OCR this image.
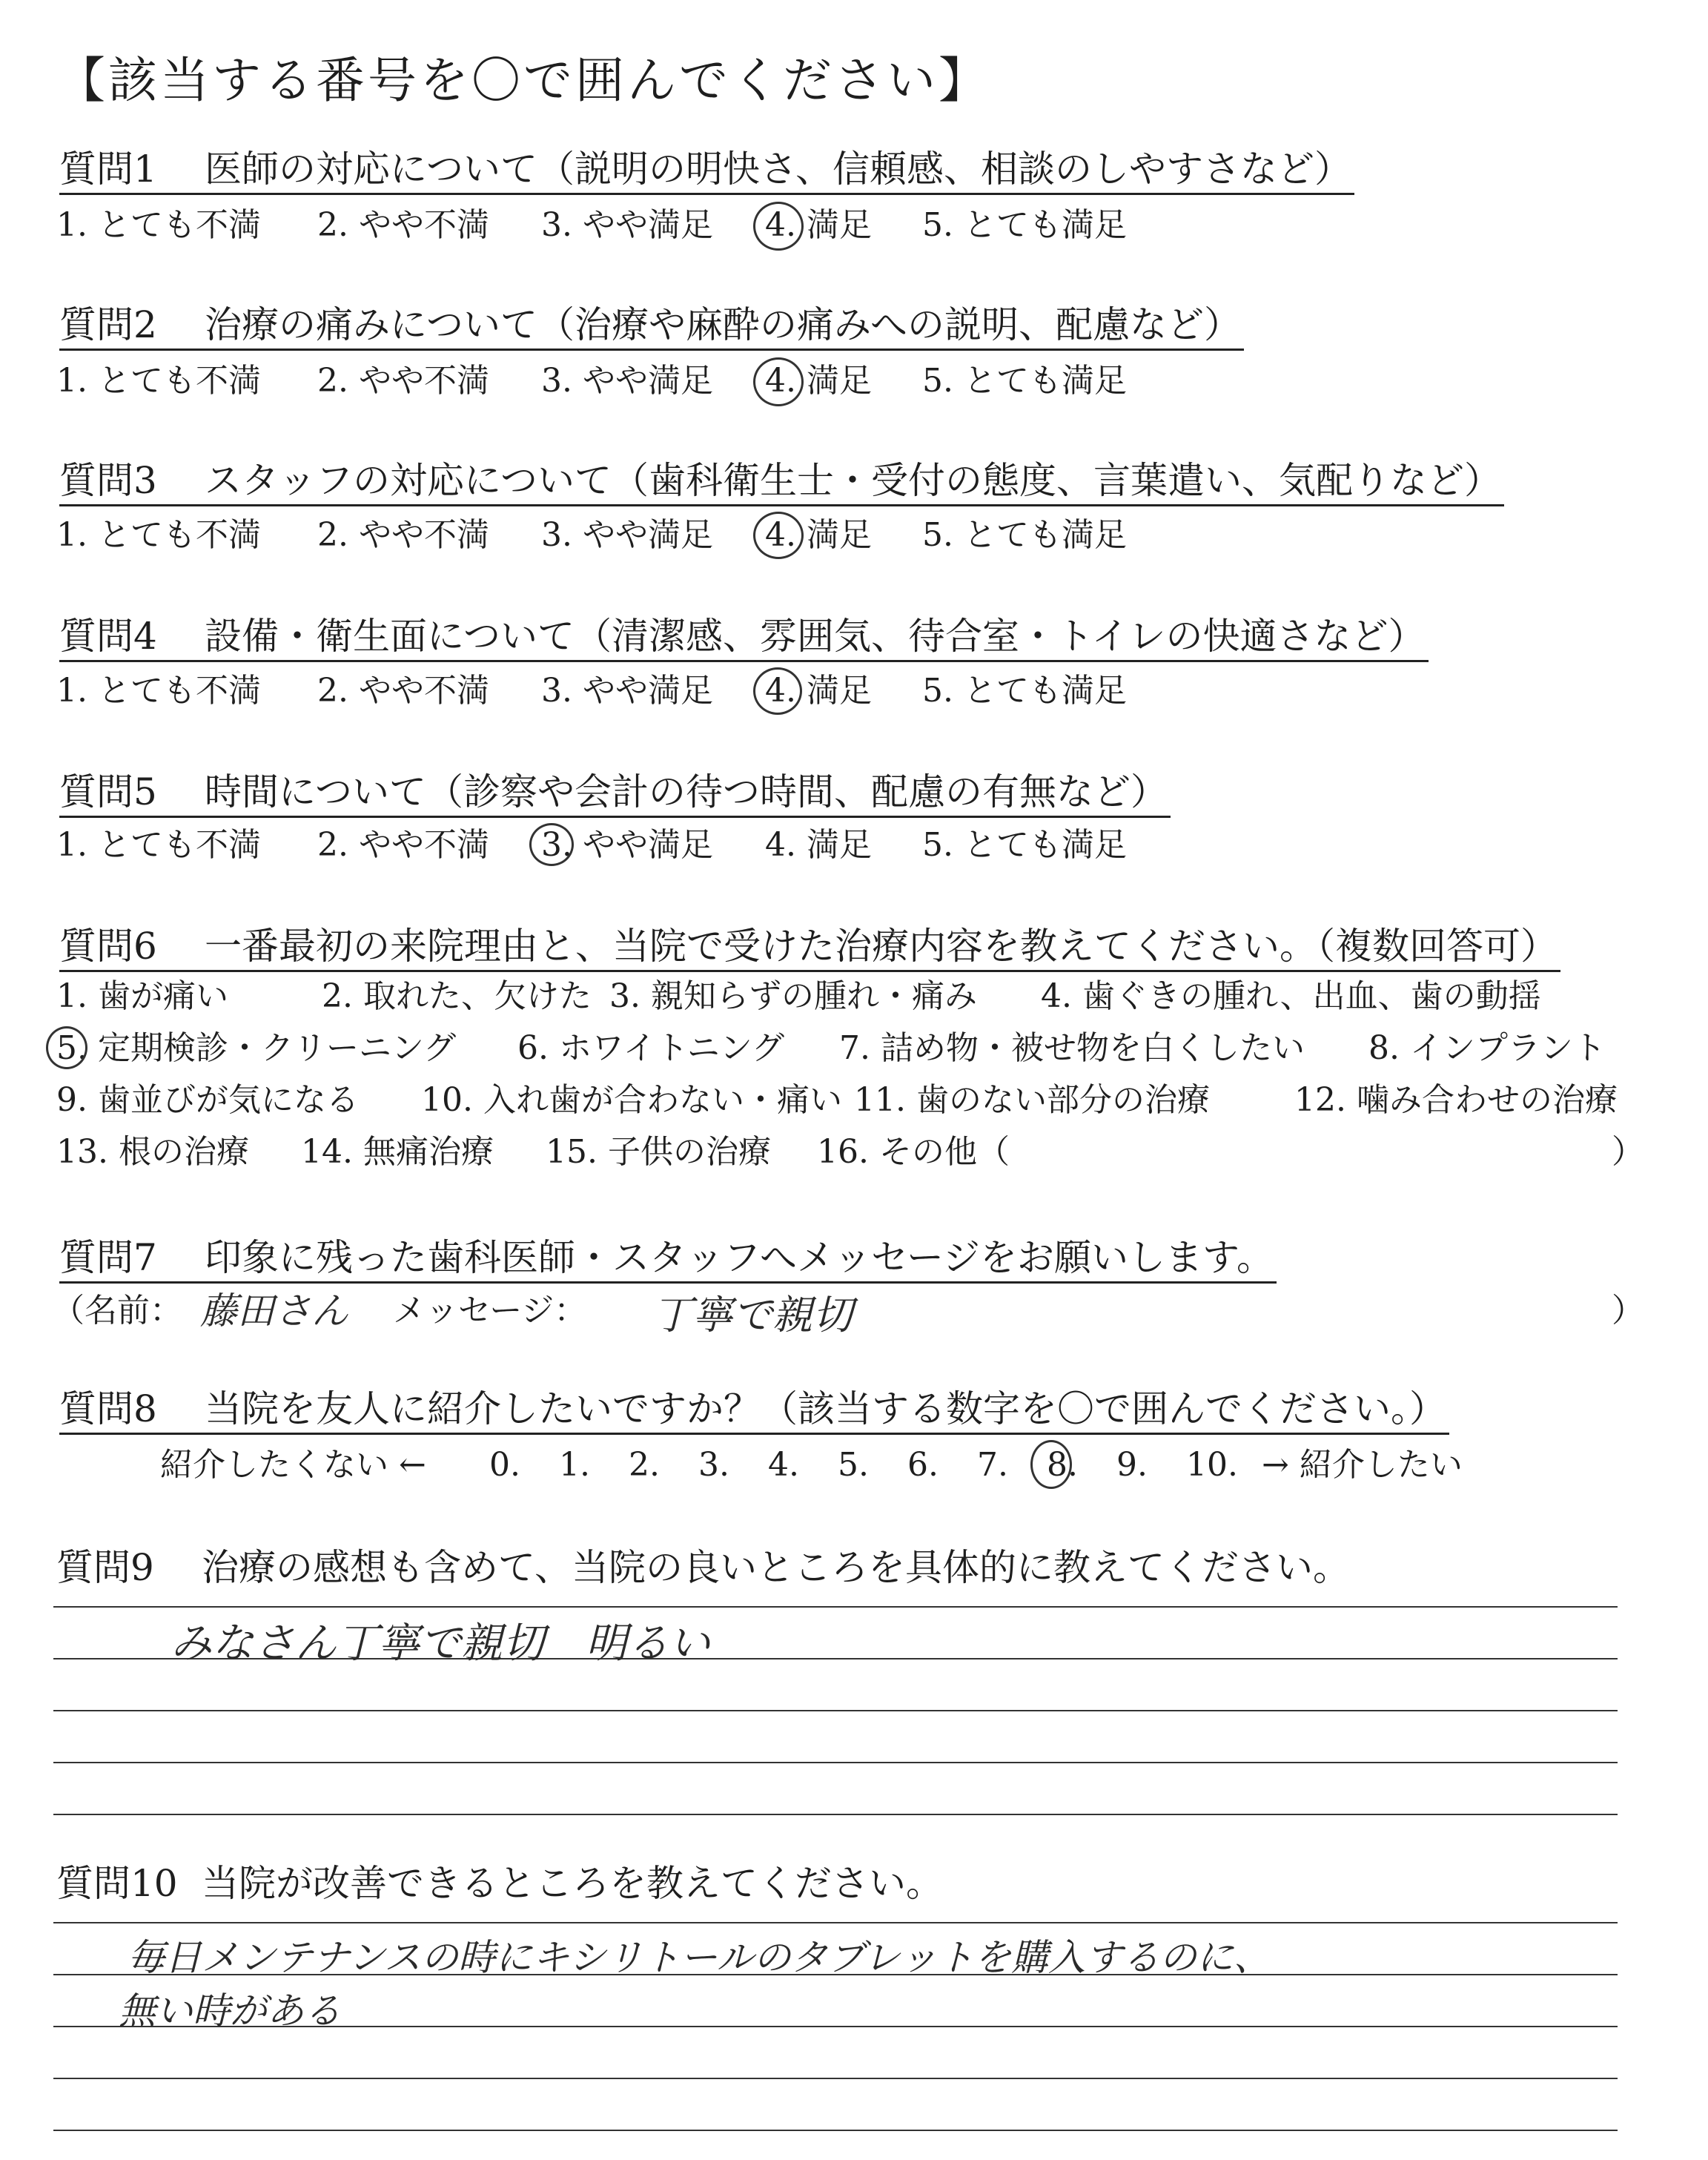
【該当する番号を〇で囲んでください】
質問1 医師の対応について（説明の明快さ、信頼感、相談のしやすさなど）
1. とても不満 2. やや不満 3. やや満足 4. 満足 5. とても満足
質問2 治療の痛みについて（治療や麻酔の痛みへの説明、配慮など）
1. とても不満 2. やや不満 3. やや満足 4. 満足 5. とても満足
質問3 スタッフの対応について（歯科衛生士・受付の態度、言葉遣い、気配りなど）
1. とても不満 2. やや不満 3. やや満足 4. 満足 5. とても満足
質問4 設備・衛生面について（清潔感、雰囲気、待合室・トイレの快適さなど）
1. とても不満 2. やや不満 3. やや満足 4. 満足 5. とても満足
質問5 時間について（診察や会計の待つ時間、配慮の有無など）
1. とても不満 2. やや不満 3. やや満足 4. 満足 5. とても満足
質問6 一番最初の来院理由と、当院で受けた治療内容を教えてください。（複数回答可）
1. 歯が痛い	2. 取れた、欠けた 3. 親知らずの腫れ・痛み 4. 歯ぐきの腫れ、出血、歯の動揺
5. 定期検診・クリーニング 6. ホワイトニング 7. 詰め物・被せ物を白くしたい 8. インプラント
9. 歯並びが気になる 10. 入れ歯が合わない・痛い 11. 歯のない部分の治療	12. 噛み合わせの治療
13. 根の治療 14. 無痛治療 15. 子供の治療 16. その他（	）
質問7 印象に残った歯科医師・スタッフへメッセージをお願いします。
（名前： 藤田さん メッセージ： 丁寧で親切	）
質問8 当院を友人に紹介したいですか？（該当する数字を〇で囲んでください。）
紹介したくない ← 0. 1. 2. 3. 4. 5. 6. 7. 8. 9. 10. → 紹介したい
質問9 治療の感想も含めて、当院の良いところを具体的に教えてください。
みなさん丁寧で親切　明るい
質問10 当院が改善できるところを教えてください。
毎日メンテナンスの時にキシリトールのタブレットを購入するのに、
無い時がある
